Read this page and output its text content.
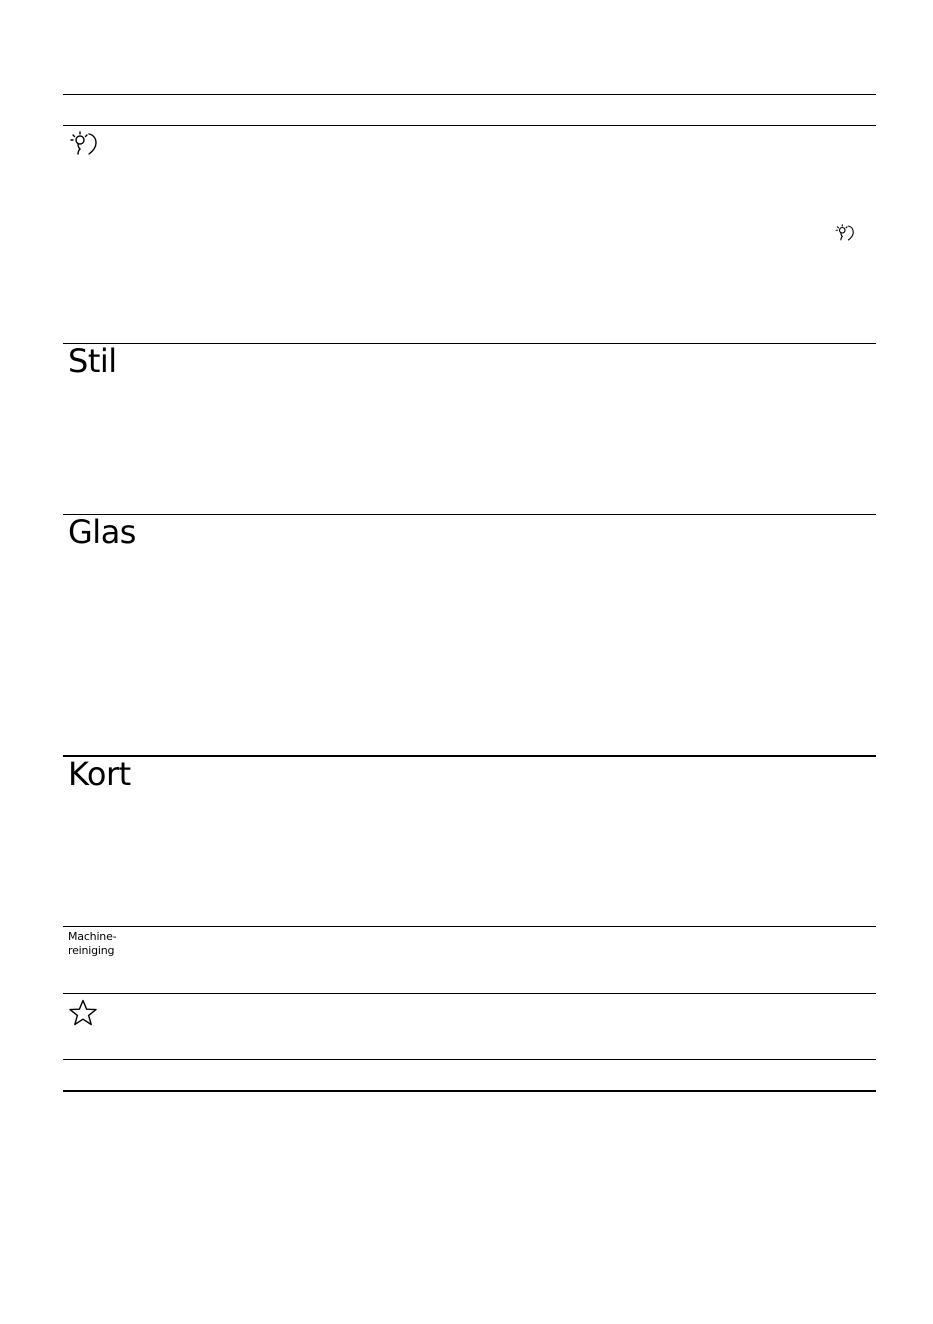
Stil
Glas
Kort
Machine-
reiniging
